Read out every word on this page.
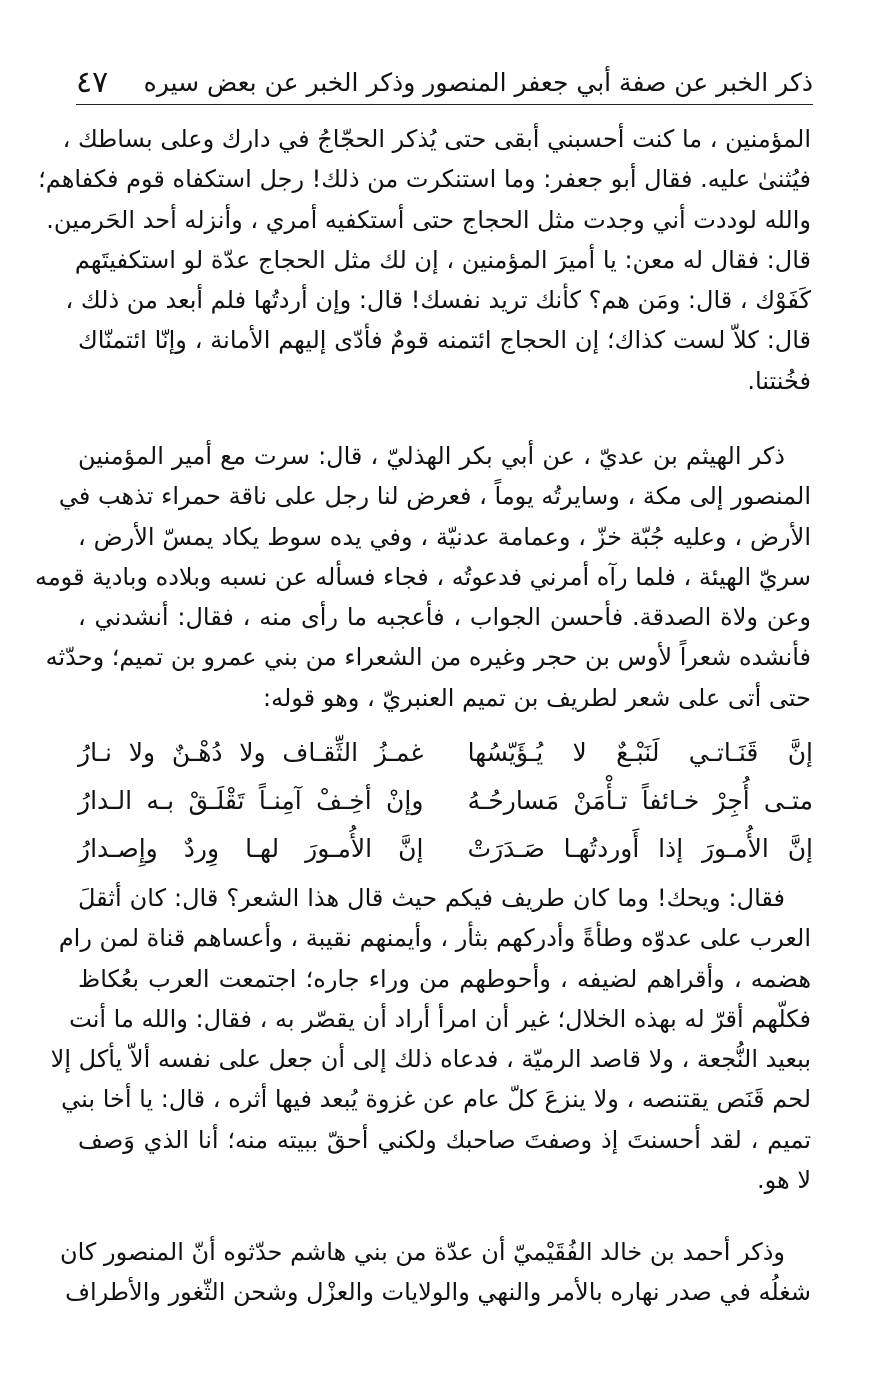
ذكر الخبر عن صفة أبي جعفر المنصور وذكر الخبر عن بعض سيره
٤٧
المؤمنين ، ما كنت أحسبني أبقى حتى يُذكر الحجّاجُ في دارك وعلى بساطك ،
فيُثنىٰ عليه. فقال أبو جعفر: وما استنكرت من ذلك! رجل استكفاه قوم فكفاهم؛
والله لوددت أني وجدت مثل الحجاج حتى أستكفيه أمري ، وأنزله أحد الحَرمين.
قال: فقال له معن: يا أميرَ المؤمنين ، إن لك مثل الحجاج عدّة لو استكفيتَهم
كَفَوْك ، قال: ومَن هم؟ كأنك تريد نفسك! قال: وإن أردتُها فلم أبعد من ذلك ،
قال: كلاّ لست كذاك؛ إن الحجاج ائتمنه قومٌ فأدّى إليهم الأمانة ، وإنّا ائتمنّاك
فخُنتنا.
ذكر الهيثم بن عديّ ، عن أبي بكر الهذليّ ، قال: سرت مع أمير المؤمنين
المنصور إلى مكة ، وسايرتُه يوماً ، فعرض لنا رجل على ناقة حمراء تذهب في
الأرض ، وعليه جُبّة خزّ ، وعمامة عدنيّة ، وفي يده سوط يكاد يمسّ الأرض ،
سريّ الهيئة ، فلما رآه أمرني فدعوتُه ، فجاء فسأله عن نسبه وبلاده وبادية قومه
وعن ولاة الصدقة. فأحسن الجواب ، فأعجبه ما رأى منه ، فقال: أنشدني ،
فأنشده شعراً لأوس بن حجر وغيره من الشعراء من بني عمرو بن تميم؛ وحدّثه
حتى أتى على شعر لطريف بن تميم العنبريّ ، وهو قوله:
إنَّ قَنَـاتـي لَنَبْـعٌ لا يُـؤَيّسُها
غمـزُ الثِّقـاف ولا دُهْـنٌ ولا نـارُ
متـى أُجِرْ خـائفاً تـأْمَنْ مَسارحُـهُ
وإنْ أخِـفْ آمِنـاً تَقْلَـقْ بـه الـدارُ
إنَّ الأُمـورَ إذا أَوردتُهـا صَـدَرَتْ
إنَّ الأُمـورَ لهـا وِردٌ وإِصـدارُ
فقال: ويحك! وما كان طريف فيكم حيث قال هذا الشعر؟ قال: كان أثقلَ
العرب على عدوّه وطأةً وأدركهم بثأر ، وأيمنهم نقيبة ، وأعساهم قناة لمن رام
هضمه ، وأقراهم لضيفه ، وأحوطهم من وراء جاره؛ اجتمعت العرب بعُكاظ
فكلّهم أقرّ له بهذه الخلال؛ غير أن امرأ أراد أن يقصّر به ، فقال: والله ما أنت
ببعيد النُّجعة ، ولا قاصد الرميّة ، فدعاه ذلك إلى أن جعل على نفسه ألاّ يأكل إلا
لحم قَنَص يقتنصه ، ولا ينزعَ كلّ عام عن غزوة يُبعد فيها أثره ، قال: يا أخا بني
تميم ، لقد أحسنتَ إذ وصفتَ صاحبك ولكني أحقّ ببيته منه؛ أنا الذي وَصف
لا هو.
وذكر أحمد بن خالد الفُقَيْميّ أن عدّة من بني هاشم حدّثوه أنّ المنصور كان
شغلُه في صدر نهاره بالأمر والنهي والولايات والعزْل وشحن الثّغور والأطراف
